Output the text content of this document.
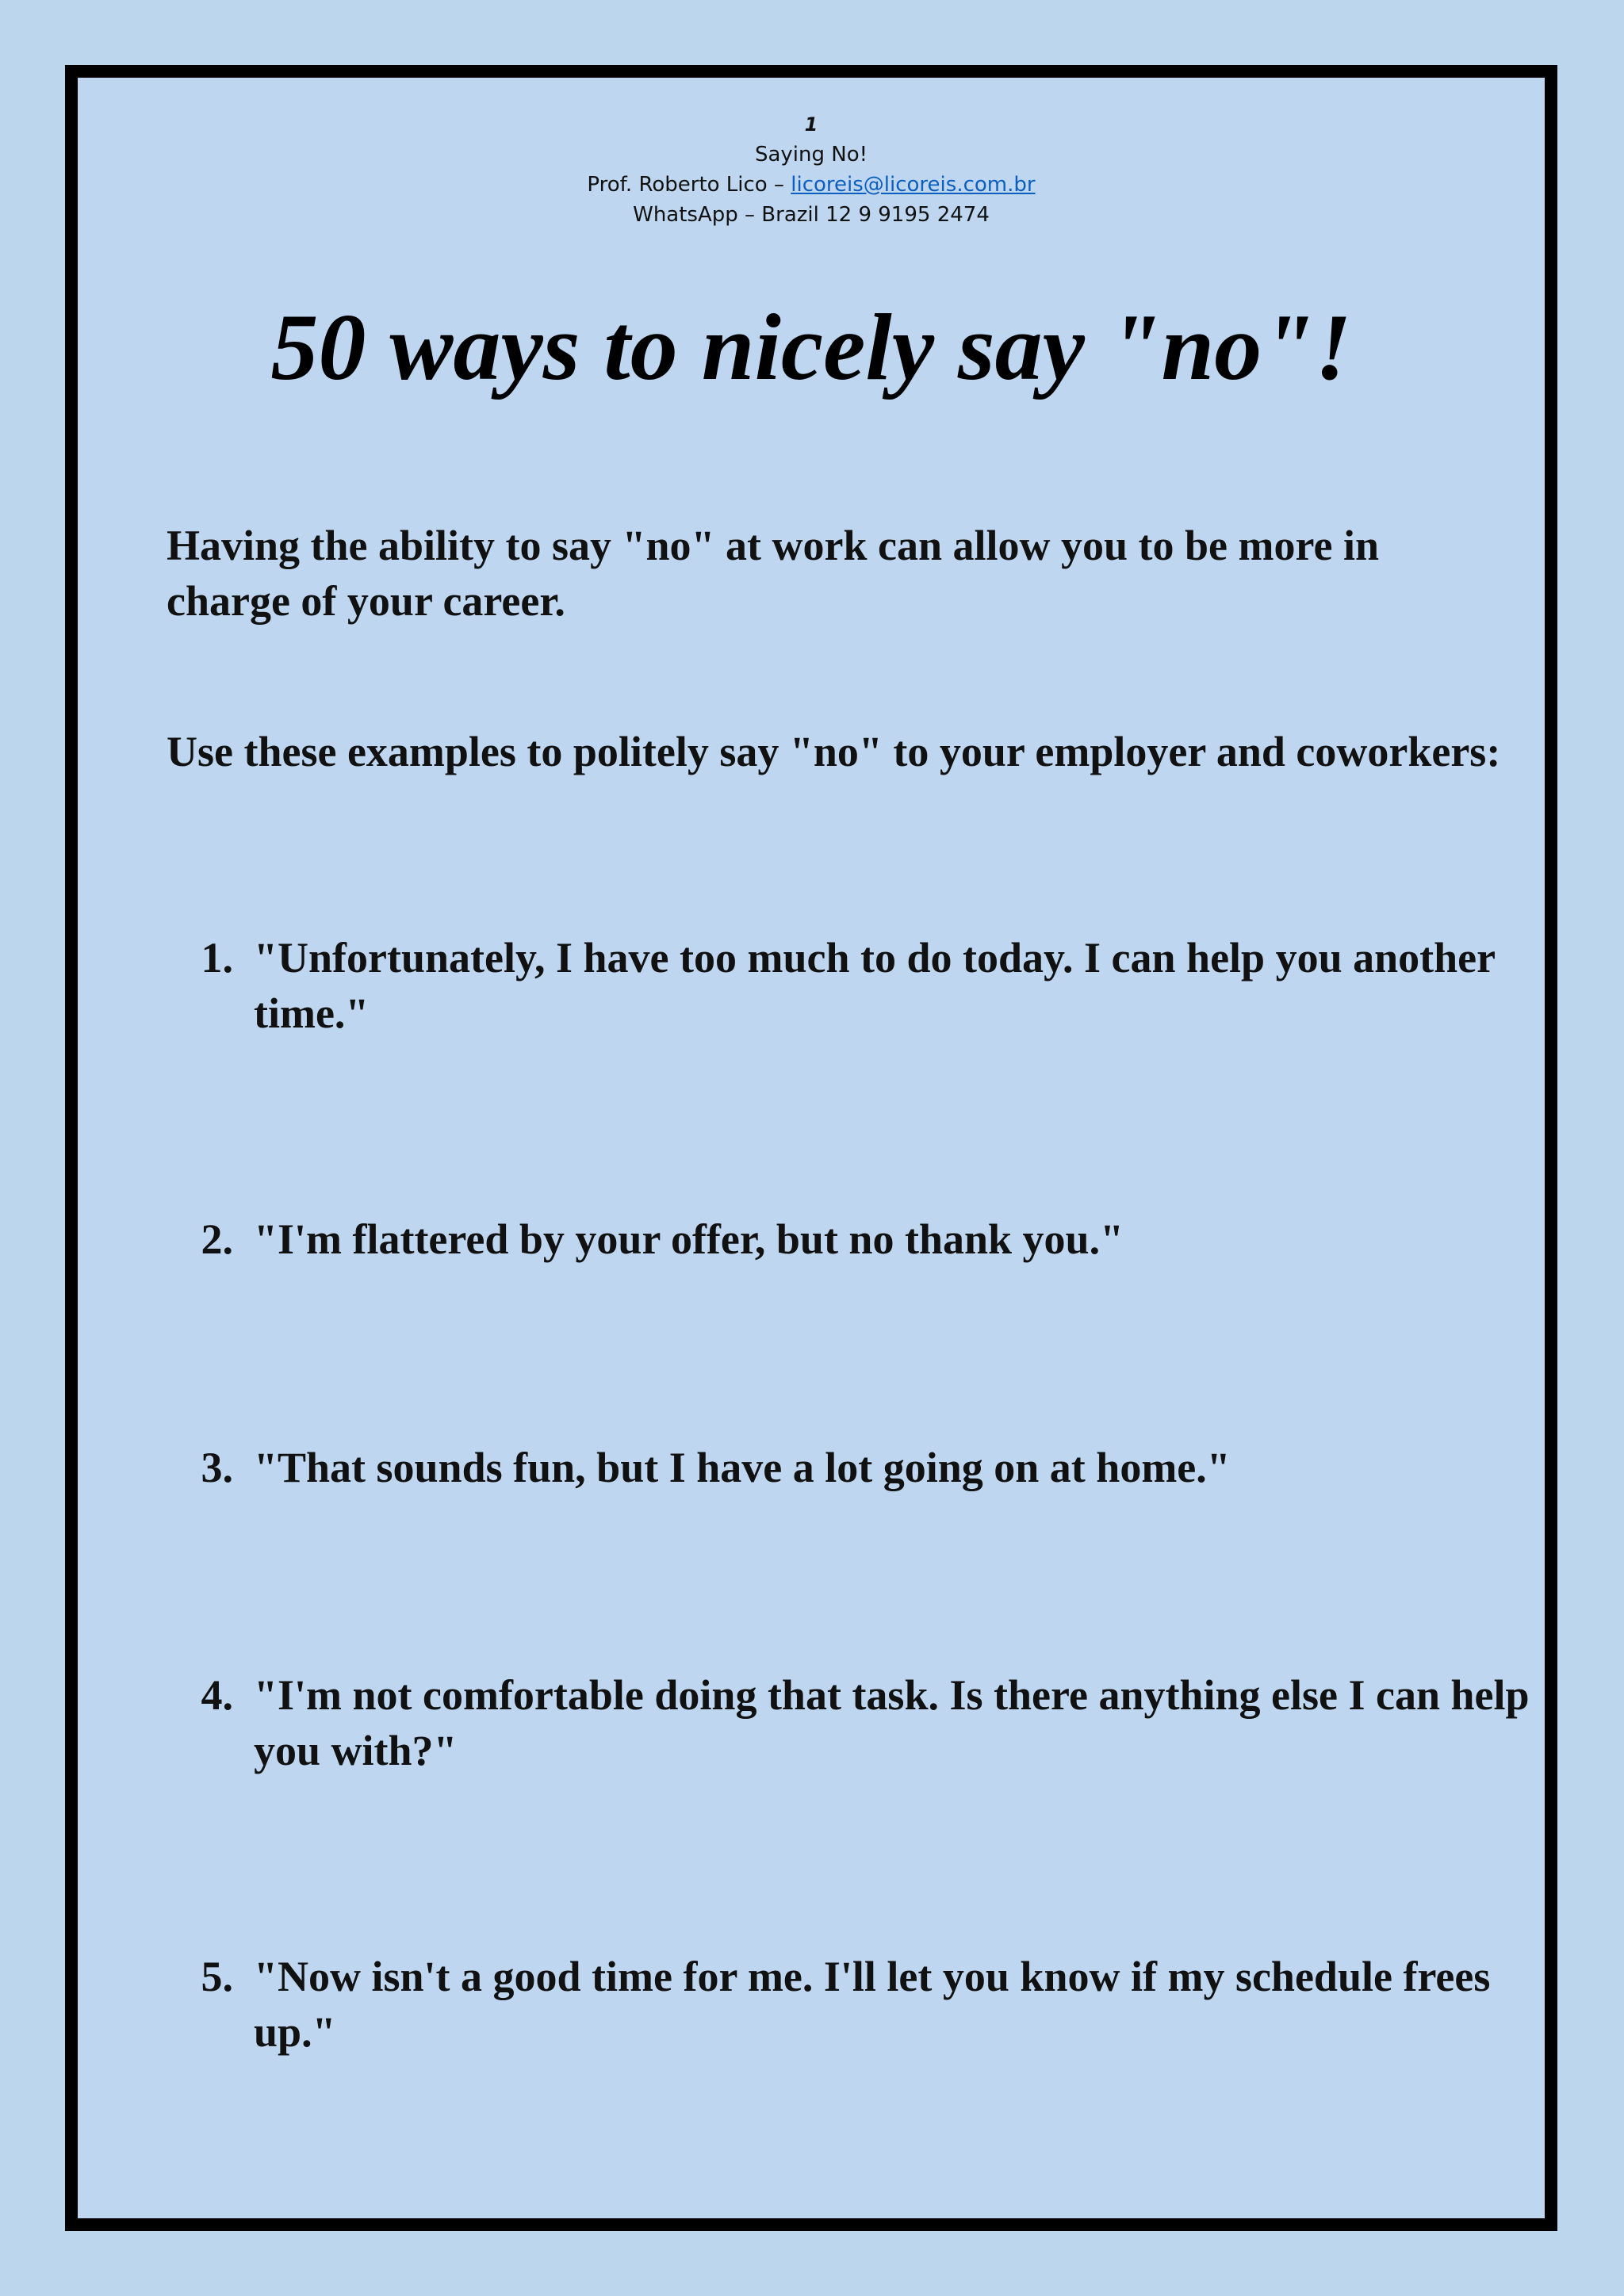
1
Saying No!
Prof. Roberto Lico – licoreis@licoreis.com.br
WhatsApp – Brazil 12 9 9195 2474
50 ways to nicely say "no"!

Having the ability to say "no" at work can allow you to be more in charge of your career.

Use these examples to politely say "no" to your employer and coworkers:

1. "Unfortunately, I have too much to do today. I can help you another time."
2. "I'm flattered by your offer, but no thank you."
3. "That sounds fun, but I have a lot going on at home."
4. "I'm not comfortable doing that task. Is there anything else I can help you with?"
5. "Now isn't a good time for me. I'll let you know if my schedule frees up."
